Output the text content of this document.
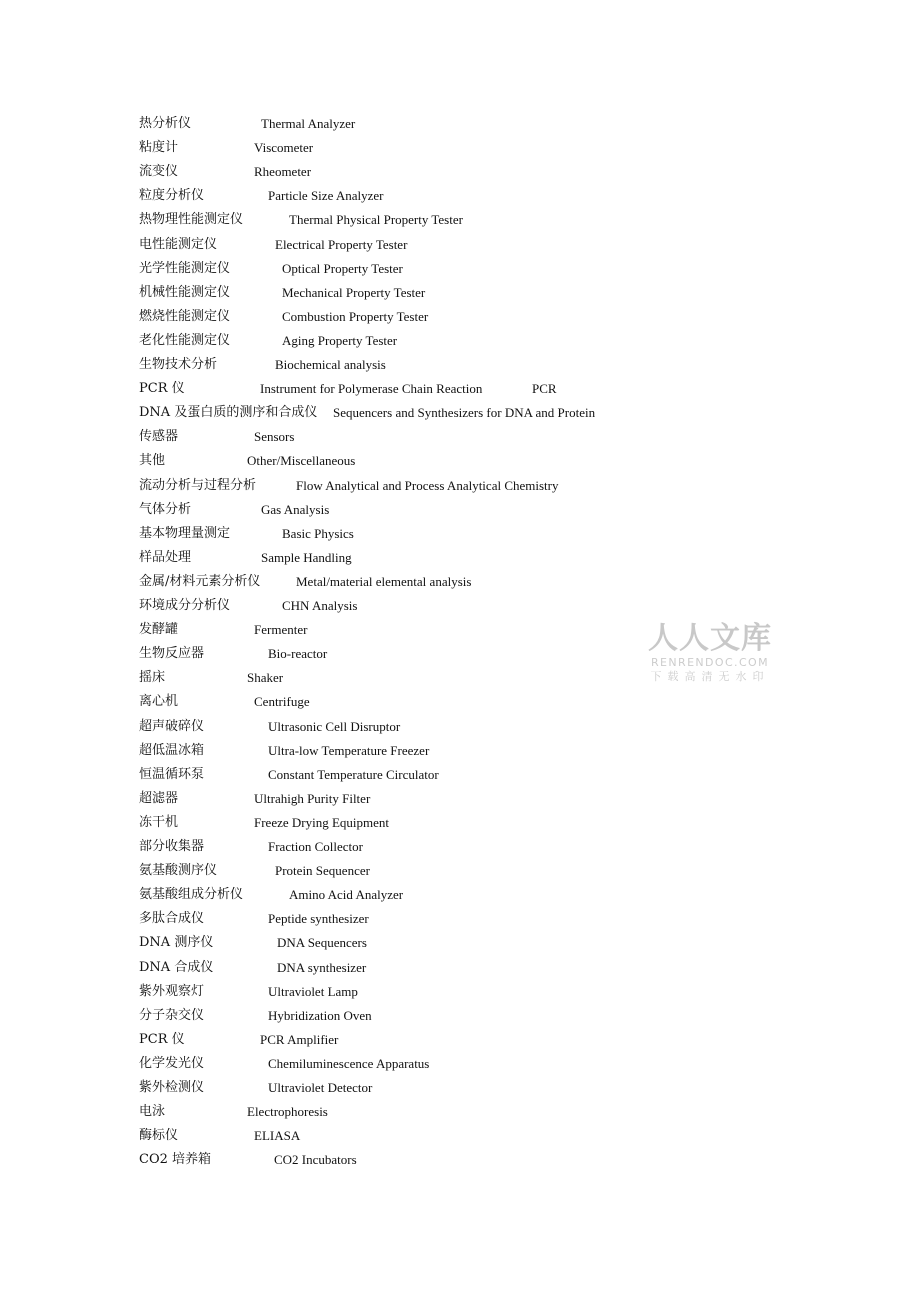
热分析仪	Thermal Analyzer
粘度计	Viscometer
流变仪	Rheometer
粒度分析仪	Particle Size Analyzer
热物理性能测定仪	Thermal Physical Property Tester
电性能测定仪	Electrical Property Tester
光学性能测定仪	Optical Property Tester
机械性能测定仪	Mechanical Property Tester
燃烧性能测定仪	Combustion Property Tester
老化性能测定仪	Aging Property Tester
生物技术分析	Biochemical analysis
PCR 仪	Instrument for Polymerase Chain Reaction	PCR
DNA 及蛋白质的测序和合成仪 Sequencers and Synthesizers for DNA and Protein
传感器	Sensors
其他	Other/Miscellaneous
流动分析与过程分析	Flow Analytical and Process Analytical Chemistry
气体分析	Gas Analysis
基本物理量测定	Basic Physics
样品处理	Sample Handling
金属/材料元素分析仪	Metal/material elemental analysis
环境成分分析仪	CHN Analysis
发酵罐	Fermenter
生物反应器	Bio-reactor
摇床	Shaker
离心机	Centrifuge
超声破碎仪	Ultrasonic Cell Disruptor
超低温冰箱	Ultra-low Temperature Freezer
恒温循环泵	Constant Temperature Circulator
超滤器	Ultrahigh Purity Filter
冻干机	Freeze Drying Equipment
部分收集器	Fraction Collector
氨基酸测序仪	Protein Sequencer
氨基酸组成分析仪	Amino Acid Analyzer
多肽合成仪	Peptide synthesizer
DNA 测序仪	DNA Sequencers
DNA 合成仪	DNA synthesizer
紫外观察灯	Ultraviolet Lamp
分子杂交仪	Hybridization Oven
PCR 仪	PCR Amplifier
化学发光仪	Chemiluminescence Apparatus
紫外检测仪	Ultraviolet Detector
电泳	Electrophoresis
酶标仪	ELIASA
CO2 培养箱	CO2 Incubators
人人文库
RENRENDOC.COM
下载高清无水印
